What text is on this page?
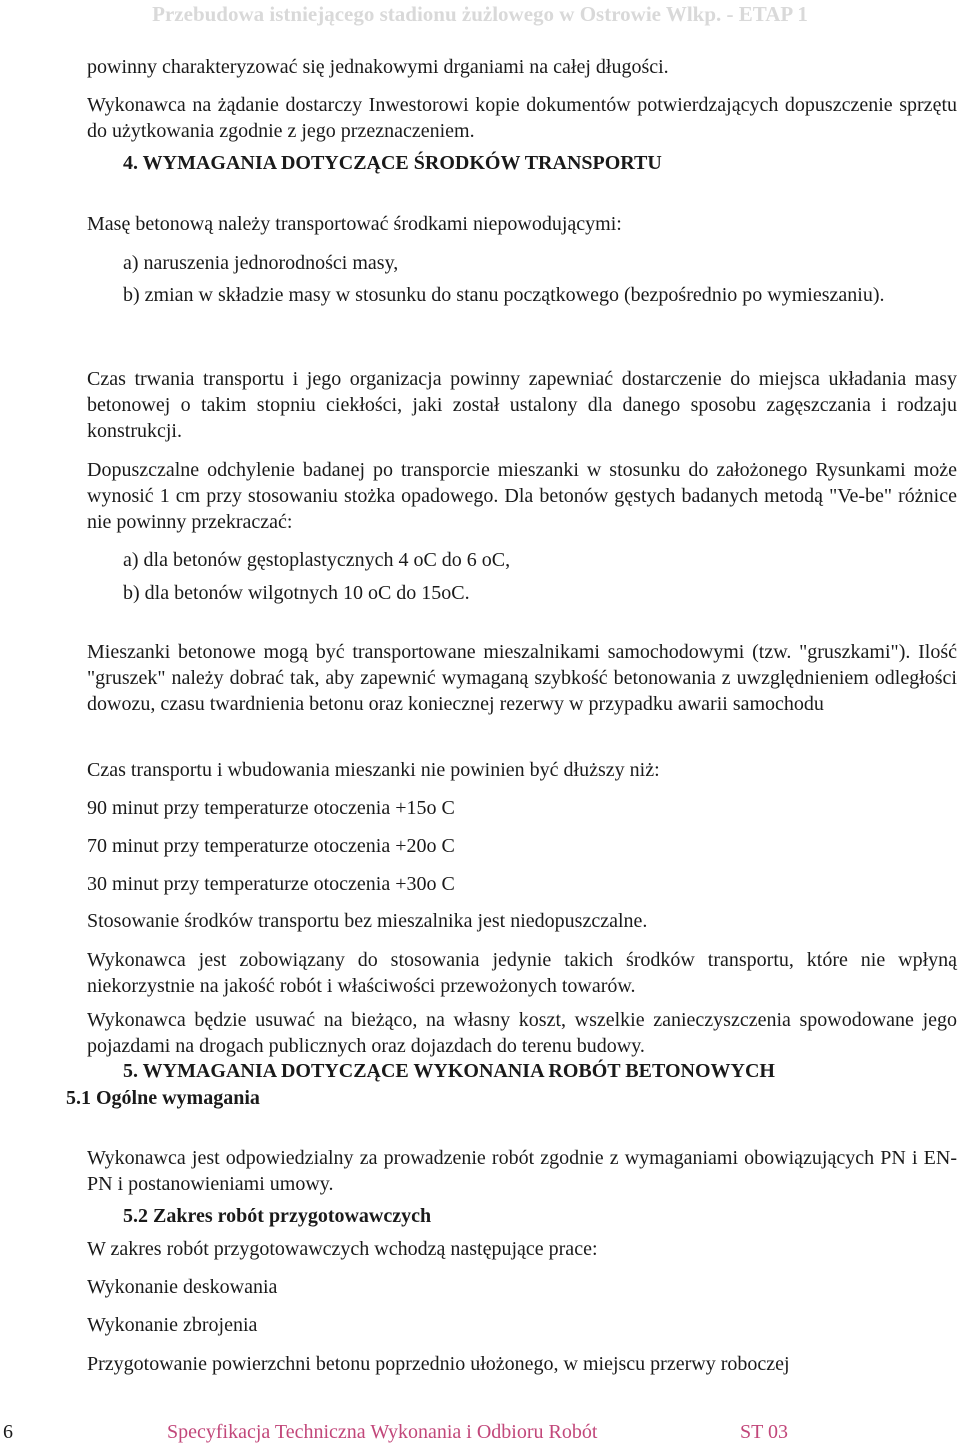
Przebudowa istniejącego stadionu żużlowego w Ostrowie Wlkp. - ETAP 1
powinny charakteryzować się jednakowymi drganiami na całej długości.
Wykonawca na żądanie dostarczy Inwestorowi kopie dokumentów potwierdzających dopuszczenie sprzętu do użytkowania zgodnie z jego przeznaczeniem.
4. WYMAGANIA DOTYCZĄCE ŚRODKÓW TRANSPORTU
Masę betonową należy transportować środkami niepowodującymi:
a) naruszenia jednorodności masy,
b) zmian w składzie masy w stosunku do stanu początkowego (bezpośrednio po wymieszaniu).
Czas trwania transportu i jego organizacja powinny zapewniać dostarczenie do miejsca układania masy betonowej o takim stopniu ciekłości, jaki został ustalony dla danego sposobu zagęszczania i rodzaju konstrukcji.
Dopuszczalne odchylenie badanej po transporcie mieszanki w stosunku do założonego Rysunkami może wynosić 1 cm przy stosowaniu stożka opadowego. Dla betonów gęstych badanych metodą "Ve-be" różnice nie powinny przekraczać:
a) dla betonów gęstoplastycznych 4 oC do 6 oC,
b) dla betonów wilgotnych 10 oC do 15oC.
Mieszanki betonowe mogą być transportowane mieszalnikami samochodowymi (tzw. "gruszkami"). Ilość "gruszek" należy dobrać tak, aby zapewnić wymaganą szybkość betonowania z uwzględnieniem odległości dowozu, czasu twardnienia betonu oraz koniecznej rezerwy w przypadku awarii samochodu
Czas transportu i wbudowania mieszanki nie powinien być dłuższy niż:
90 minut przy temperaturze otoczenia +15o C
70 minut przy temperaturze otoczenia +20o C
30 minut przy temperaturze otoczenia +30o C
Stosowanie środków transportu bez mieszalnika jest niedopuszczalne.
Wykonawca jest zobowiązany do stosowania jedynie takich środków transportu, które nie wpłyną niekorzystnie na jakość robót i właściwości przewożonych towarów.
Wykonawca będzie usuwać na bieżąco, na własny koszt, wszelkie zanieczyszczenia spowodowane jego pojazdami na drogach publicznych oraz dojazdach do terenu budowy.
5. WYMAGANIA DOTYCZĄCE WYKONANIA ROBÓT BETONOWYCH
5.1 Ogólne wymagania
Wykonawca jest odpowiedzialny za prowadzenie robót zgodnie z wymaganiami obowiązujących PN i EN-PN i postanowieniami umowy.
5.2 Zakres robót przygotowawczych
W zakres robót przygotowawczych wchodzą następujące prace:
Wykonanie deskowania
Wykonanie zbrojenia
Przygotowanie powierzchni betonu poprzednio ułożonego, w miejscu przerwy roboczej
6	Specyfikacja Techniczna Wykonania i Odbioru Robót	ST 03
